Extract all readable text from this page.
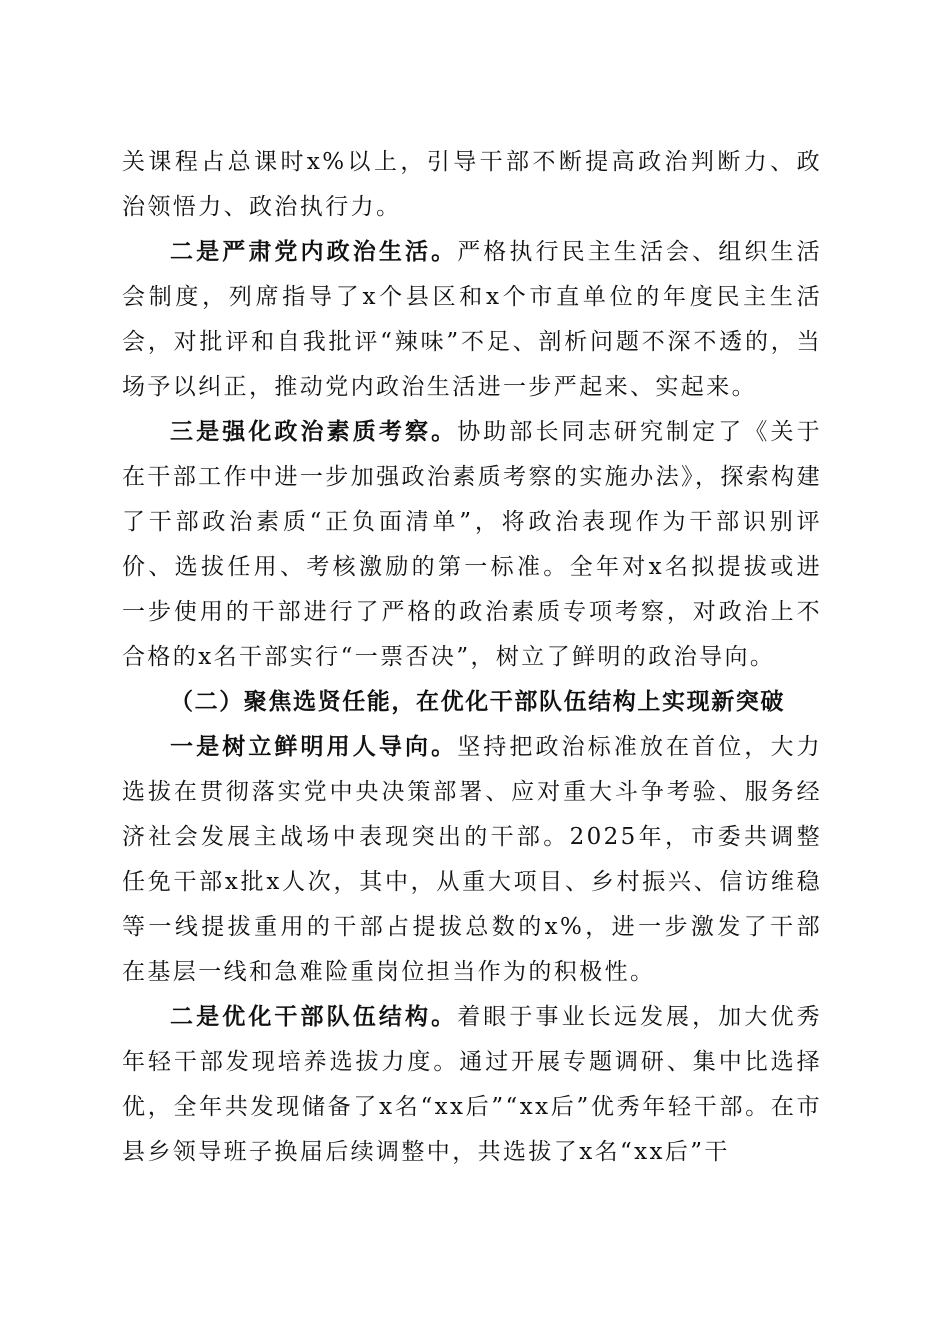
关课程占总课时x%以上，引导干部不断提高政治判断力、政治领悟力、政治执行力。

二是严肃党内政治生活。严格执行民主生活会、组织生活会制度，列席指导了x个县区和x个市直单位的年度民主生活会，对批评和自我批评“辣味”不足、剖析问题不深不透的，当场予以纠正，推动党内政治生活进一步严起来、实起来。

三是强化政治素质考察。协助部长同志研究制定了《关于在干部工作中进一步加强政治素质考察的实施办法》，探索构建了干部政治素质“正负面清单”，将政治表现作为干部识别评价、选拔任用、考核激励的第一标准。全年对x名拟提拔或进一步使用的干部进行了严格的政治素质专项考察，对政治上不合格的x名干部实行“一票否决”，树立了鲜明的政治导向。

（二）聚焦选贤任能，在优化干部队伍结构上实现新突破

一是树立鲜明用人导向。坚持把政治标准放在首位，大力选拔在贯彻落实党中央决策部署、应对重大斗争考验、服务经济社会发展主战场中表现突出的干部。2025年，市委共调整任免干部x批x人次，其中，从重大项目、乡村振兴、信访维稳等一线提拔重用的干部占提拔总数的x%，进一步激发了干部在基层一线和急难险重岗位担当作为的积极性。

二是优化干部队伍结构。着眼于事业长远发展，加大优秀年轻干部发现培养选拔力度。通过开展专题调研、集中比选择优，全年共发现储备了x名“xx后”“xx后”优秀年轻干部。在市县乡领导班子换届后续调整中，共选拔了x名“xx后”干
